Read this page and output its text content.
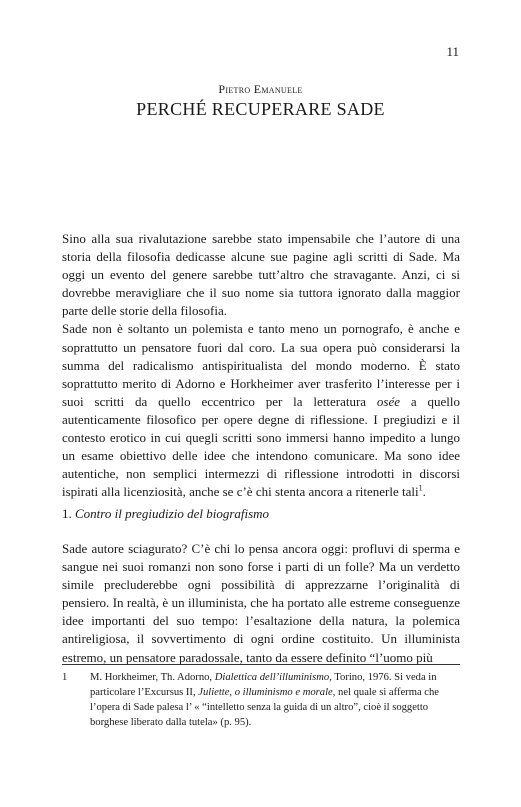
11
Pietro Emanuele
PERCHÉ RECUPERARE SADE

Sino alla sua rivalutazione sarebbe stato impensabile che l’autore di una storia della filosofia dedicasse alcune sue pagine agli scritti di Sade. Ma oggi un evento del genere sarebbe tutt’altro che stravagante. Anzi, ci si dovrebbe meravigliare che il suo nome sia tuttora ignorato dalla maggior parte delle storie della filosofia.

Sade non è soltanto un polemista e tanto meno un pornografo, è anche e soprattutto un pensatore fuori dal coro. La sua opera può considerarsi la summa del radicalismo antispiritualista del mondo moderno. È stato soprattutto merito di Adorno e Horkheimer aver trasferito l’interesse per i suoi scritti da quello eccentrico per la letteratura osée a quello autenticamente filosofico per opere degne di riflessione. I pregiudizi e il contesto erotico in cui quegli scritti sono immersi hanno impedito a lungo un esame obiettivo delle idee che intendono comunicare. Ma sono idee autentiche, non semplici intermezzi di riflessione introdotti in discorsi ispirati alla licenziosità, anche se c’è chi stenta ancora a ritenerle tali$^1$.

1. Contro il pregiudizio del biografismo

Sade autore sciagurato? C’è chi lo pensa ancora oggi: profluvi di sperma e sangue nei suoi romanzi non sono forse i parti di un folle? Ma un verdetto simile precluderebbe ogni possibilità di apprezzarne l’originalità di pensiero. In realtà, è un illuminista, che ha portato alle estreme conseguenze idee importanti del suo tempo: l’esaltazione della natura, la polemica antireligiosa, il sovvertimento di ogni ordine costituito. Un illuminista estremo, un pensatore paradossale, tanto da essere definito “l’uomo più

1 M. Horkheimer, Th. Adorno, Dialettica dell’illuminismo, Torino, 1976. Si veda in particolare l’Excursus II, Juliette, o illuminismo e morale, nel quale si afferma che l’opera di Sade palesa l’ « “intelletto senza la guida di un altro”, cioè il soggetto borghese liberato dalla tutela» (p. 95).
